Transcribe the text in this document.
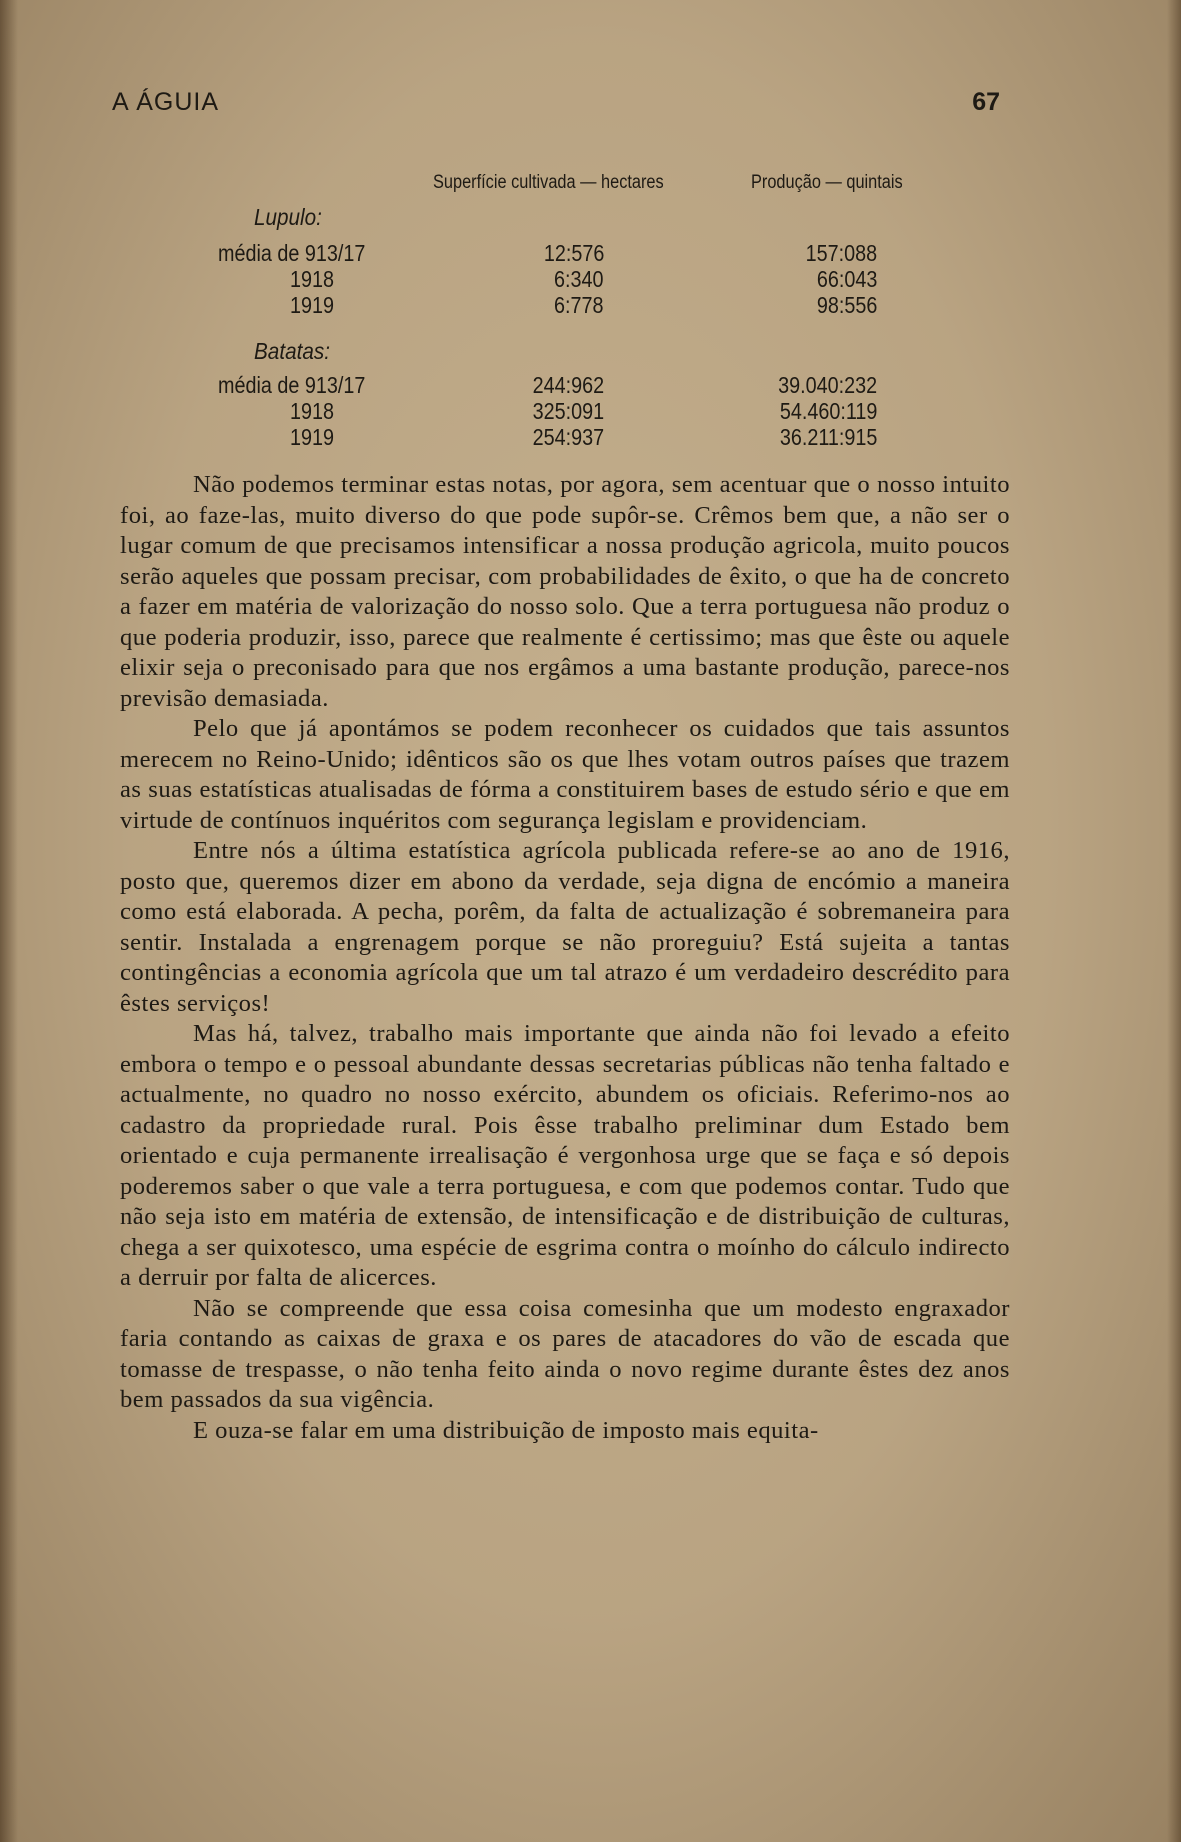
A ÁGUIA	67
Superfície cultivada — hectares	Produção — quintais
Lupulo:
média de 913/17	12:576	157:088
1918	6:340	66:043
1919	6:778	98:556
Batatas:
média de 913/17	244:962	39.040:232
1918	325:091	54.460:119
1919	254:937	36.211:915

Não podemos terminar estas notas, por agora, sem acentuar que o nosso intuito foi, ao faze-las, muito diverso do que pode supôr-se. Crêmos bem que, a não ser o lugar comum de que precisamos intensificar a nossa produção agricola, muito poucos serão aqueles que possam precisar, com probabilidades de êxito, o que ha de concreto a fazer em matéria de valorização do nosso solo. Que a terra portuguesa não produz o que poderia produzir, isso, parece que realmente é certissimo; mas que êste ou aquele elixir seja o preconisado para que nos ergâmos a uma bastante produção, parece-nos previsão demasiada.

Pelo que já apontámos se podem reconhecer os cuidados que tais assuntos merecem no Reino-Unido; idênticos são os que lhes votam outros países que trazem as suas estatísticas atualisadas de fórma a constituirem bases de estudo sério e que em virtude de contínuos inquéritos com segurança legislam e providenciam.

Entre nós a última estatística agrícola publicada refere-se ao ano de 1916, posto que, queremos dizer em abono da verdade, seja digna de encómio a maneira como está elaborada. A pecha, porêm, da falta de actualização é sobremaneira para sentir. Instalada a engrenagem porque se não proreguiu? Está sujeita a tantas contingências a economia agrícola que um tal atrazo é um verdadeiro descrédito para êstes serviços!

Mas há, talvez, trabalho mais importante que ainda não foi levado a efeito embora o tempo e o pessoal abundante dessas secretarias públicas não tenha faltado e actualmente, no quadro no nosso exército, abundem os oficiais. Referimo-nos ao cadastro da propriedade rural. Pois êsse trabalho preliminar dum Estado bem orientado e cuja permanente irrealisação é vergonhosa urge que se faça e só depois poderemos saber o que vale a terra portuguesa, e com que podemos contar. Tudo que não seja isto em matéria de extensão, de intensificação e de distribuição de culturas, chega a ser quixotesco, uma espécie de esgrima contra o moínho do cálculo indirecto a derruir por falta de alicerces.

Não se compreende que essa coisa comesinha que um modesto engraxador faria contando as caixas de graxa e os pares de atacadores do vão de escada que tomasse de trespasse, o não tenha feito ainda o novo regime durante êstes dez anos bem passados da sua vigência.

E ouza-se falar em uma distribuição de imposto mais equita-
